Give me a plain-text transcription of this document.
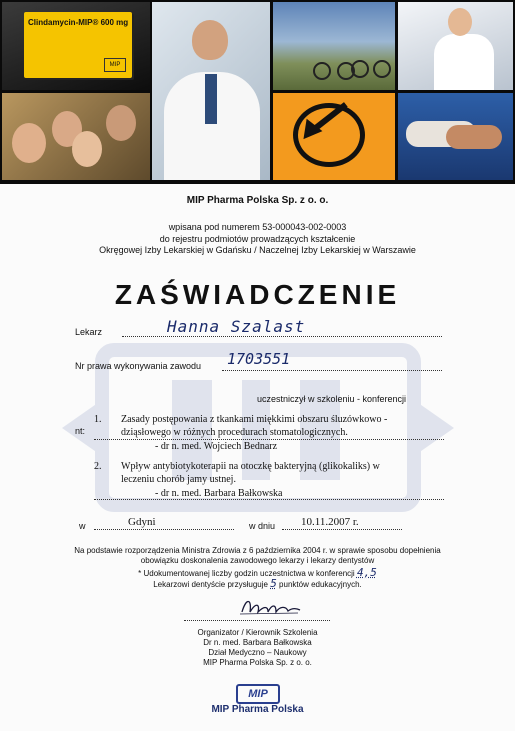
Clindamycin-MIP® 600 mg
MIP
MIP Pharma Polska Sp. z o. o.
wpisana pod numerem 53-000043-002-0003
do rejestru podmiotów prowadzących kształcenie
Okręgowej Izby Lekarskiej w Gdańsku / Naczelnej Izby Lekarskiej w Warszawie
ZAŚWIADCZENIE
Lekarz	Hanna Szalast
Nr prawa wykonywania zawodu 1703551
uczestniczył w szkoleniu - konferencji
nt:
1. Zasady postępowania z tkankami miękkimi obszaru śluzówkowo -
dziąsłowego w różnych procedurach stomatologicznych.
- dr n. med. Wojciech Bednarz
2. Wpływ antybiotykoterapii na otoczkę bakteryjną (glikokaliks) w
leczeniu chorób jamy ustnej.
- dr n. med. Barbara Bałkowska
w	Gdyni	w dniu 10.11.2007 r.
Na podstawie rozporządzenia Ministra Zdrowia z 6 października 2004 r. w sprawie sposobu dopełnienia
obowiązku doskonalenia zawodowego lekarzy i lekarzy dentystów
* Udokumentowanej liczby godzin uczestnictwa w konferencji 4,5
Lekarzowi dentyście przysługuje 5 punktów edukacyjnych.
Organizator / Kierownik Szkolenia
Dr n. med. Barbara Bałkowska
Dział Medyczno – Naukowy
MIP Pharma Polska Sp. z o. o.
MIP
MIP Pharma Polska
